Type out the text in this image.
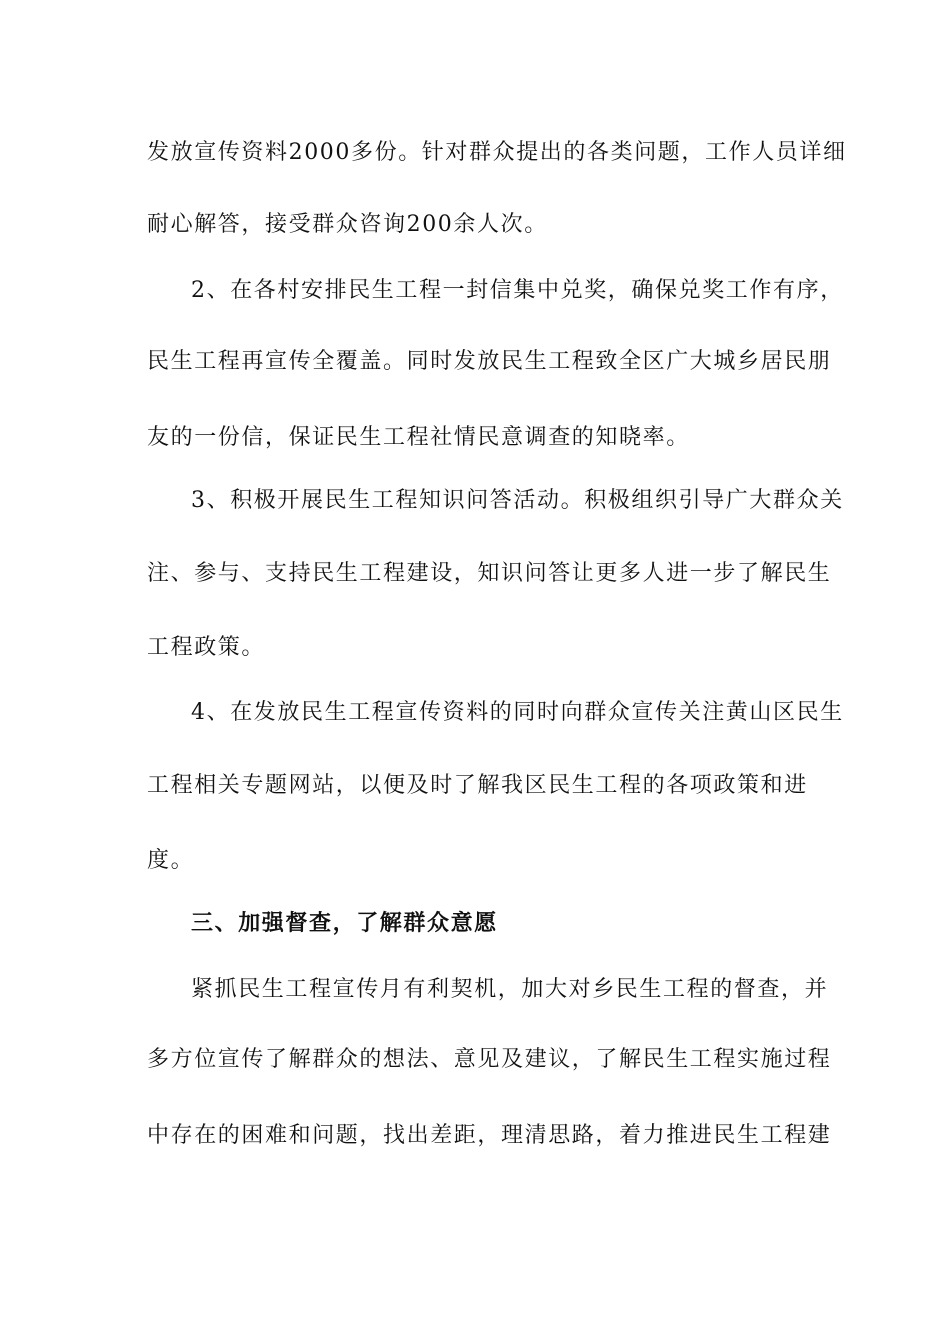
发放宣传资料2000多份。针对群众提出的各类问题，工作人员详细
耐心解答，接受群众咨询200余人次。
2、在各村安排民生工程一封信集中兑奖，确保兑奖工作有序，
民生工程再宣传全覆盖。同时发放民生工程致全区广大城乡居民朋
友的一份信，保证民生工程社情民意调查的知晓率。
3、积极开展民生工程知识问答活动。积极组织引导广大群众关
注、参与、支持民生工程建设，知识问答让更多人进一步了解民生
工程政策。
4、在发放民生工程宣传资料的同时向群众宣传关注黄山区民生
工程相关专题网站，以便及时了解我区民生工程的各项政策和进
度。
三、加强督查，了解群众意愿
紧抓民生工程宣传月有利契机，加大对乡民生工程的督查，并
多方位宣传了解群众的想法、意见及建议，了解民生工程实施过程
中存在的困难和问题，找出差距，理清思路，着力推进民生工程建
